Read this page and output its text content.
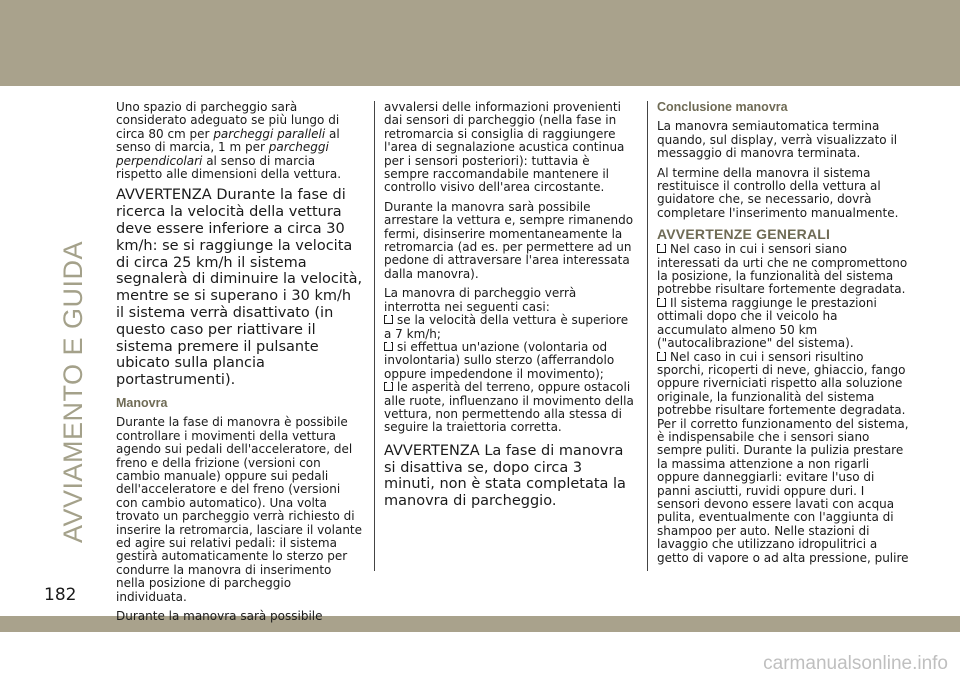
AVVIAMENTO E GUIDA

Uno spazio di parcheggio sarà considerato adeguato se più lungo di circa 80 cm per parcheggi paralleli al senso di marcia, 1 m per parcheggi perpendicolari al senso di marcia rispetto alle dimensioni della vettura.

AVVERTENZA Durante la fase di ricerca la velocità della vettura deve essere inferiore a circa 30 km/h: se si raggiunge la velocita di circa 25 km/h il sistema segnalerà di diminuire la velocità, mentre se si superano i 30 km/h il sistema verrà disattivato (in questo caso per riattivare il sistema premere il pulsante ubicato sulla plancia portastrumenti).

Manovra

Durante la fase di manovra è possibile controllare i movimenti della vettura agendo sui pedali dell'acceleratore, del freno e della frizione (versioni con cambio manuale) oppure sui pedali dell'acceleratore e del freno (versioni con cambio automatico). Una volta trovato un parcheggio verrà richiesto di inserire la retromarcia, lasciare il volante ed agire sui relativi pedali: il sistema gestirà automaticamente lo sterzo per condurre la manovra di inserimento nella posizione di parcheggio individuata.

Durante la manovra sarà possibile

avvalersi delle informazioni provenienti dai sensori di parcheggio (nella fase in retromarcia si consiglia di raggiungere l'area di segnalazione acustica continua per i sensori posteriori): tuttavia è sempre raccomandabile mantenere il controllo visivo dell'area circostante.

Durante la manovra sarà possibile arrestare la vettura e, sempre rimanendo fermi, disinserire momentaneamente la retromarcia (ad es. per permettere ad un pedone di attraversare l'area interessata dalla manovra).

La manovra di parcheggio verrà interrotta nei seguenti casi:

se la velocità della vettura è superiore a 7 km/h;

si effettua un'azione (volontaria od involontaria) sullo sterzo (afferrandolo oppure impedendone il movimento);

le asperità del terreno, oppure ostacoli alle ruote, influenzano il movimento della vettura, non permettendo alla stessa di seguire la traiettoria corretta.

AVVERTENZA La fase di manovra si disattiva se, dopo circa 3 minuti, non è stata completata la manovra di parcheggio.

Conclusione manovra

La manovra semiautomatica termina quando, sul display, verrà visualizzato il messaggio di manovra terminata.

Al termine della manovra il sistema restituisce il controllo della vettura al guidatore che, se necessario, dovrà completare l'inserimento manualmente.

AVVERTENZE GENERALI

Nel caso in cui i sensori siano interessati da urti che ne compromettono la posizione, la funzionalità del sistema potrebbe risultare fortemente degradata.

Il sistema raggiunge le prestazioni ottimali dopo che il veicolo ha accumulato almeno 50 km ("autocalibrazione" del sistema).

Nel caso in cui i sensori risultino sporchi, ricoperti di neve, ghiaccio, fango oppure riverniciati rispetto alla soluzione originale, la funzionalità del sistema potrebbe risultare fortemente degradata. Per il corretto funzionamento del sistema, è indispensabile che i sensori siano sempre puliti. Durante la pulizia prestare la massima attenzione a non rigarli oppure danneggiarli: evitare l'uso di panni asciutti, ruvidi oppure duri. I sensori devono essere lavati con acqua pulita, eventualmente con l'aggiunta di shampoo per auto. Nelle stazioni di lavaggio che utilizzano idropulitrici a getto di vapore o ad alta pressione, pulire

182
carmanualsonline.info
